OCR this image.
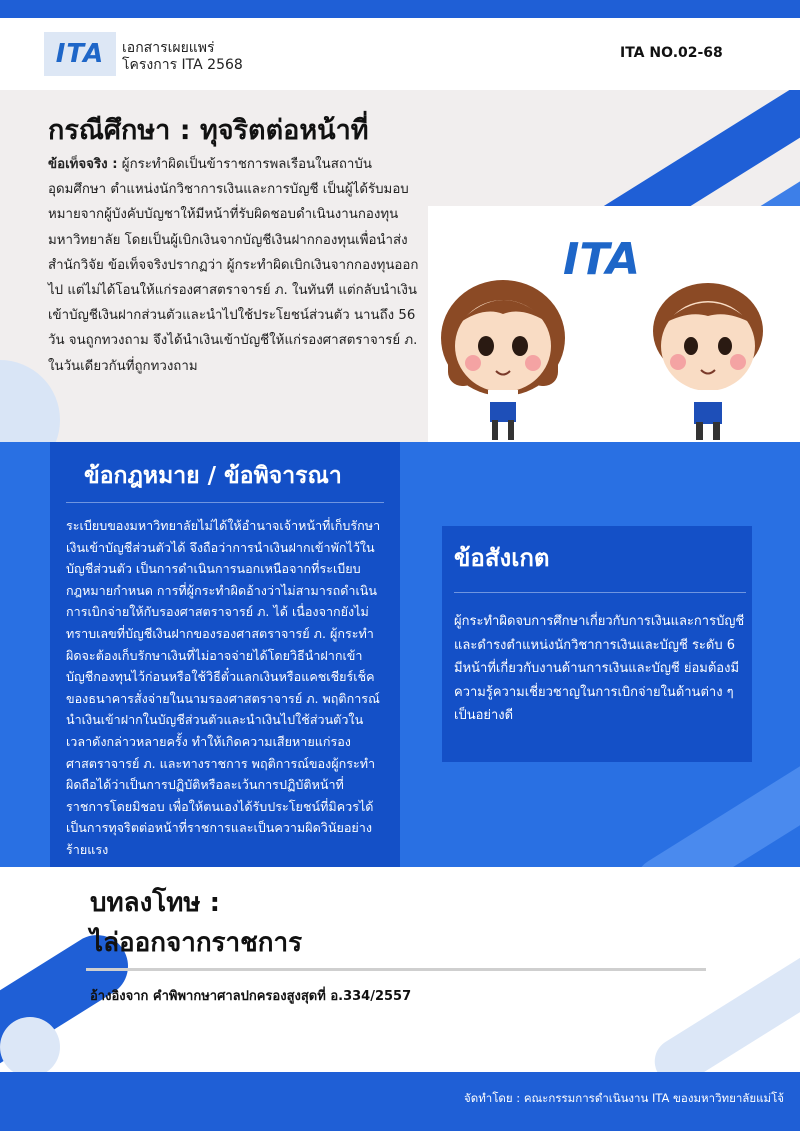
ITA เอกสารเผยแพร่
โครงการ ITA 2568
ITA NO.02-68
กรณีศึกษา : ทุจริตต่อหน้าที่
ข้อเท็จจริง : ผู้กระทำผิดเป็นข้าราชการพลเรือนในสถาบันอุดมศึกษา ตำแหน่งนักวิชาการเงินและการบัญชี เป็นผู้ได้รับมอบหมายจากผู้บังคับบัญชาให้มีหน้าที่รับผิดชอบดำเนินงานกองทุนมหาวิทยาลัย โดยเป็นผู้เบิกเงินจากบัญชีเงินฝากกองทุนเพื่อนำส่งสำนักวิจัย ข้อเท็จจริงปรากฏว่า ผู้กระทำผิดเบิกเงินจากกองทุนออกไป แต่ไม่ได้โอนให้แก่รองศาสตราจารย์ ภ. ในทันที แต่กลับนำเงินเข้าบัญชีเงินฝากส่วนตัวและนำไปใช้ประโยชน์ส่วนตัว นานถึง 56 วัน จนถูกทวงถาม จึงได้นำเงินเข้าบัญชีให้แก่รองศาสตราจารย์ ภ. ในวันเดียวกันที่ถูกทวงถาม
ITA
ข้อกฎหมาย / ข้อพิจารณา
ระเบียบของมหาวิทยาลัยไม่ได้ให้อำนาจเจ้าหน้าที่เก็บรักษาเงินเข้าบัญชีส่วนตัวได้ จึงถือว่าการนำเงินฝากเข้าพักไว้ในบัญชีส่วนตัว เป็นการดำเนินการนอกเหนือจากที่ระเบียบกฎหมายกำหนด การที่ผู้กระทำผิดอ้างว่าไม่สามารถดำเนินการเบิกจ่ายให้กับรองศาสตราจารย์ ภ. ได้ เนื่องจากยังไม่ทราบเลขที่บัญชีเงินฝากของรองศาสตราจารย์ ภ. ผู้กระทำผิดจะต้องเก็บรักษาเงินที่ไม่อาจจ่ายได้โดยวิธีนำฝากเข้าบัญชีกองทุนไว้ก่อนหรือใช้วิธีตั๋วแลกเงินหรือแคชเชียร์เช็คของธนาคารสั่งจ่ายในนามรองศาสตราจารย์ ภ. พฤติการณ์นำเงินเข้าฝากในบัญชีส่วนตัวและนำเงินไปใช้ส่วนตัวในเวลาดังกล่าวหลายครั้ง ทำให้เกิดความเสียหายแก่รองศาสตราจารย์ ภ. และทางราชการ พฤติการณ์ของผู้กระทำผิดถือได้ว่าเป็นการปฏิบัติหรือละเว้นการปฏิบัติหน้าที่ราชการโดยมิชอบ เพื่อให้ตนเองได้รับประโยชน์ที่มิควรได้ เป็นการทุจริตต่อหน้าที่ราชการและเป็นความผิดวินัยอย่างร้ายแรง
ข้อสังเกต
ผู้กระทำผิดจบการศึกษาเกี่ยวกับการเงินและการบัญชี และดำรงตำแหน่งนักวิชาการเงินและบัญชี ระดับ 6 มีหน้าที่เกี่ยวกับงานด้านการเงินและบัญชี ย่อมต้องมีความรู้ความเชี่ยวชาญในการเบิกจ่ายในด้านต่าง ๆ เป็นอย่างดี
บทลงโทษ :
ไล่ออกจากราชการ
อ้างอิงจาก คำพิพากษาศาลปกครองสูงสุดที่ อ.334/2557
จัดทำโดย : คณะกรรมการดำเนินงาน ITA ของมหาวิทยาลัยแม่โจ้
